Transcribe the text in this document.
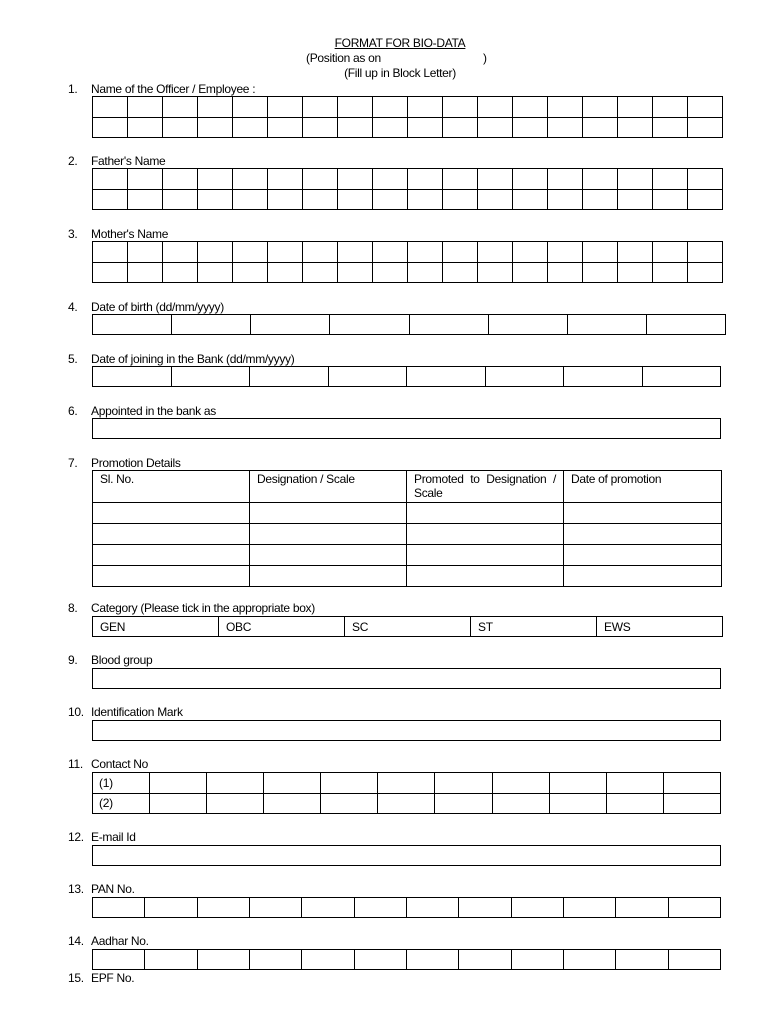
FORMAT FOR BIO-DATA
(Position as on	)
(Fill up in Block Letter)
1. Name of the Officer / Employee :

2. Father's Name

3. Mother's Name

4. Date of birth (dd/mm/yyyy)

5. Date of joining in the Bank (dd/mm/yyyy)

6. Appointed in the bank as
7. Promotion Details
Sl. No.	Designation / Scale	Promoted to Designation / Scale	Date of promotion

8. Category (Please tick in the appropriate box)
GEN	OBC	SC	ST	EWS
9. Blood group
10. Identification Mark
11. Contact No
(1)										
(2)										
12. E-mail Id
13. PAN No.

14. Aadhar No.

15. EPF No.
